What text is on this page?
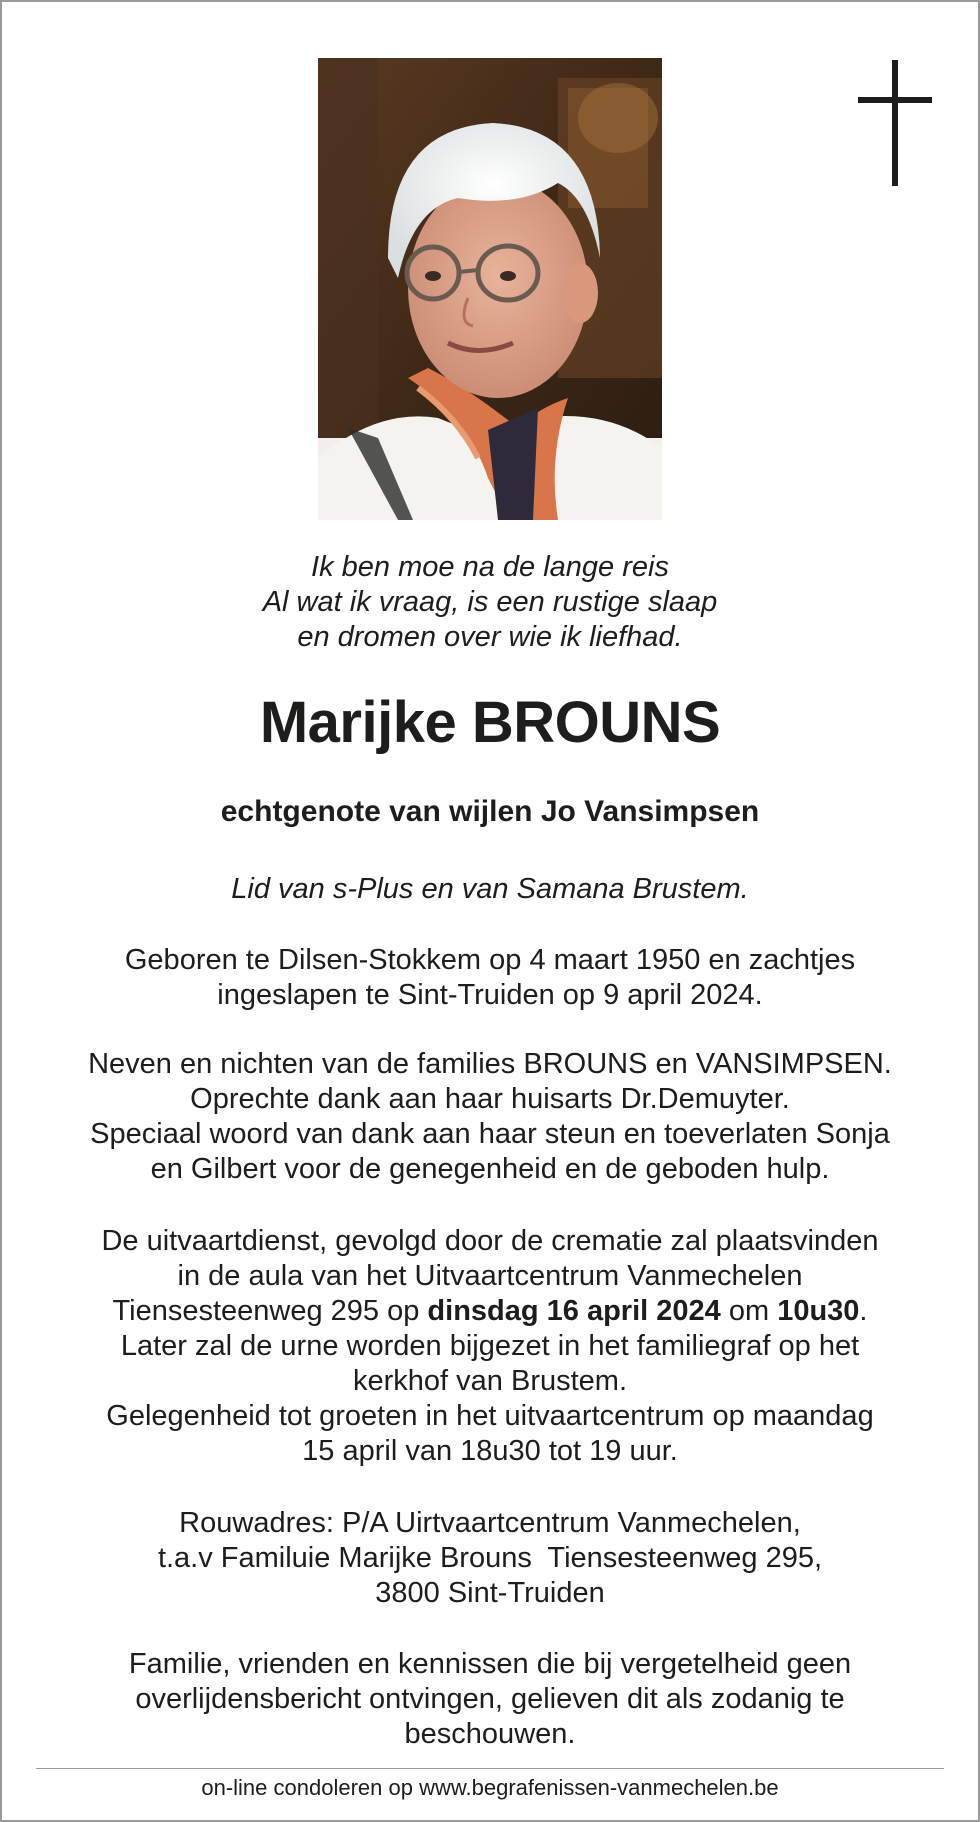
Ik ben moe na de lange reis
Al wat ik vraag, is een rustige slaap
en dromen over wie ik liefhad.
Marijke BROUNS
echtgenote van wijlen Jo Vansimpsen
Lid van s-Plus en van Samana Brustem.
Geboren te Dilsen-Stokkem op 4 maart 1950 en zachtjes
ingeslapen te Sint-Truiden op 9 april 2024.
Neven en nichten van de families BROUNS en VANSIMPSEN.
Oprechte dank aan haar huisarts Dr.Demuyter.
Speciaal woord van dank aan haar steun en toeverlaten Sonja
en Gilbert voor de genegenheid en de geboden hulp.
De uitvaartdienst, gevolgd door de crematie zal plaatsvinden
in de aula van het Uitvaartcentrum Vanmechelen
Tiensesteenweg 295 op dinsdag 16 april 2024 om 10u30.
Later zal de urne worden bijgezet in het familiegraf op het
kerkhof van Brustem.
Gelegenheid tot groeten in het uitvaartcentrum op maandag
15 april van 18u30 tot 19 uur.
Rouwadres: P/A Uirtvaartcentrum Vanmechelen,
t.a.v Familuie Marijke Brouns  Tiensesteenweg 295,
3800 Sint-Truiden
Familie, vrienden en kennissen die bij vergetelheid geen
overlijdensbericht ontvingen, gelieven dit als zodanig te
beschouwen.
on-line condoleren op www.begrafenissen-vanmechelen.be
